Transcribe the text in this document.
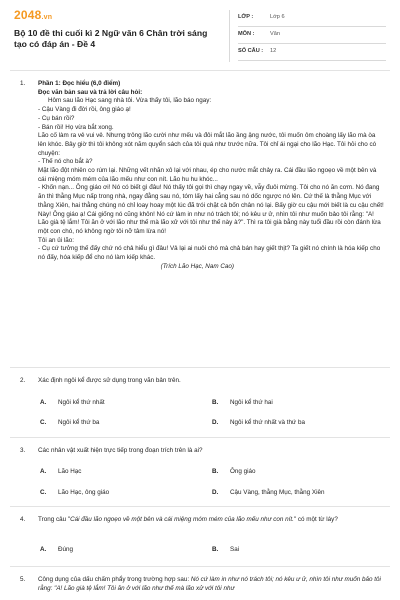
2048.vn
Bộ 10 đề thi cuối kì 2 Ngữ văn 6 Chân trời sáng tạo có đáp án - Đề 4
LỚP :	Lớp 6
MÔN :	Văn
SỐ CÂU : 12
1. Phần 1: Đọc hiểu (6,0 điểm)

Đọc văn bản sau và trả lời câu hỏi:

Hôm sau lão Hạc sang nhà tôi. Vừa thấy tôi, lão báo ngay:

- Cậu Vàng đi đời rồi, ông giáo ạ!

- Cụ bán rồi?

- Bán rồi! Họ vừa bắt xong.

Lão cố làm ra vẻ vui vẻ. Nhưng trông lão cười như mếu và đôi mắt lão ầng ậng nước, tôi muốn ôm choàng lấy lão mà òa lên khóc. Bây giờ thì tôi không xót năm quyển sách của tôi quá như trước nữa. Tôi chỉ ái ngại cho lão Hạc. Tôi hỏi cho có chuyện:

- Thế nó cho bắt à?

Mặt lão đột nhiên co rúm lại. Những vết nhăn xô lại với nhau, ép cho nước mắt chảy ra. Cái đầu lão ngoẹo về một bên và cái miệng móm mém của lão mếu như con nít. Lão hu hu khóc...

- Khốn nạn... Ông giáo ơi! Nó có biết gì đâu! Nó thấy tôi gọi thì chạy ngay về, vẫy đuôi mừng. Tôi cho nó ăn cơm. Nó đang ăn thì thằng Mục nấp trong nhà, ngay đằng sau nó, tóm lấy hai cẳng sau nó dốc ngược nó lên. Cứ thế là thằng Mục với thằng Xiên, hai thằng chúng nó chỉ loay hoay một lúc đã trói chặt cả bốn chân nó lại. Bấy giờ cu cậu mới biết là cu cậu chết! Này! Ông giáo ạ! Cái giống nó cũng khôn! Nó cứ làm in như nó trách tôi; nó kêu ư ử, nhìn tôi như muốn bảo tôi rằng: "A! Lão già tệ lắm! Tôi ăn ở với lão như thế mà lão xử với tôi như thế này à?". Thì ra tôi già bằng này tuổi đầu rồi còn đánh lừa một con chó, nó không ngờ tôi nỡ tâm lừa nó!

Tôi an ủi lão:

- Cụ cứ tưởng thế đấy chứ nó chả hiểu gì đâu! Vả lại ai nuôi chó mà chả bán hay giết thịt? Ta giết nó chính là hóa kiếp cho nó đấy, hóa kiếp để cho nó làm kiếp khác.

(Trích Lão Hạc, Nam Cao)

2. Xác định ngôi kể được sử dụng trong văn bản trên.
A. Ngôi kể thứ nhất	B. Ngôi kể thứ hai
C. Ngôi kể thứ ba	D. Ngôi kể thứ nhất và thứ ba
3. Các nhân vật xuất hiện trực tiếp trong đoạn trích trên là ai?
A. Lão Hạc	B. Ông giáo
C. Lão Hạc, ông giáo	D. Cậu Vàng, thằng Mục, thằng Xiên
4. Trong câu "Cái đầu lão ngoẹo về một bên và cái miệng móm mém của lão mếu như con nít." có một từ láy?
A. Đúng	B. Sai
5. Công dụng của dấu chấm phẩy trong trường hợp sau: Nó cứ làm in như nó trách tôi; nó kêu ư ử, nhìn tôi như muốn bảo tôi rằng: "A! Lão già tệ lắm! Tôi ăn ở với lão như thế mà lão xử với tôi như
